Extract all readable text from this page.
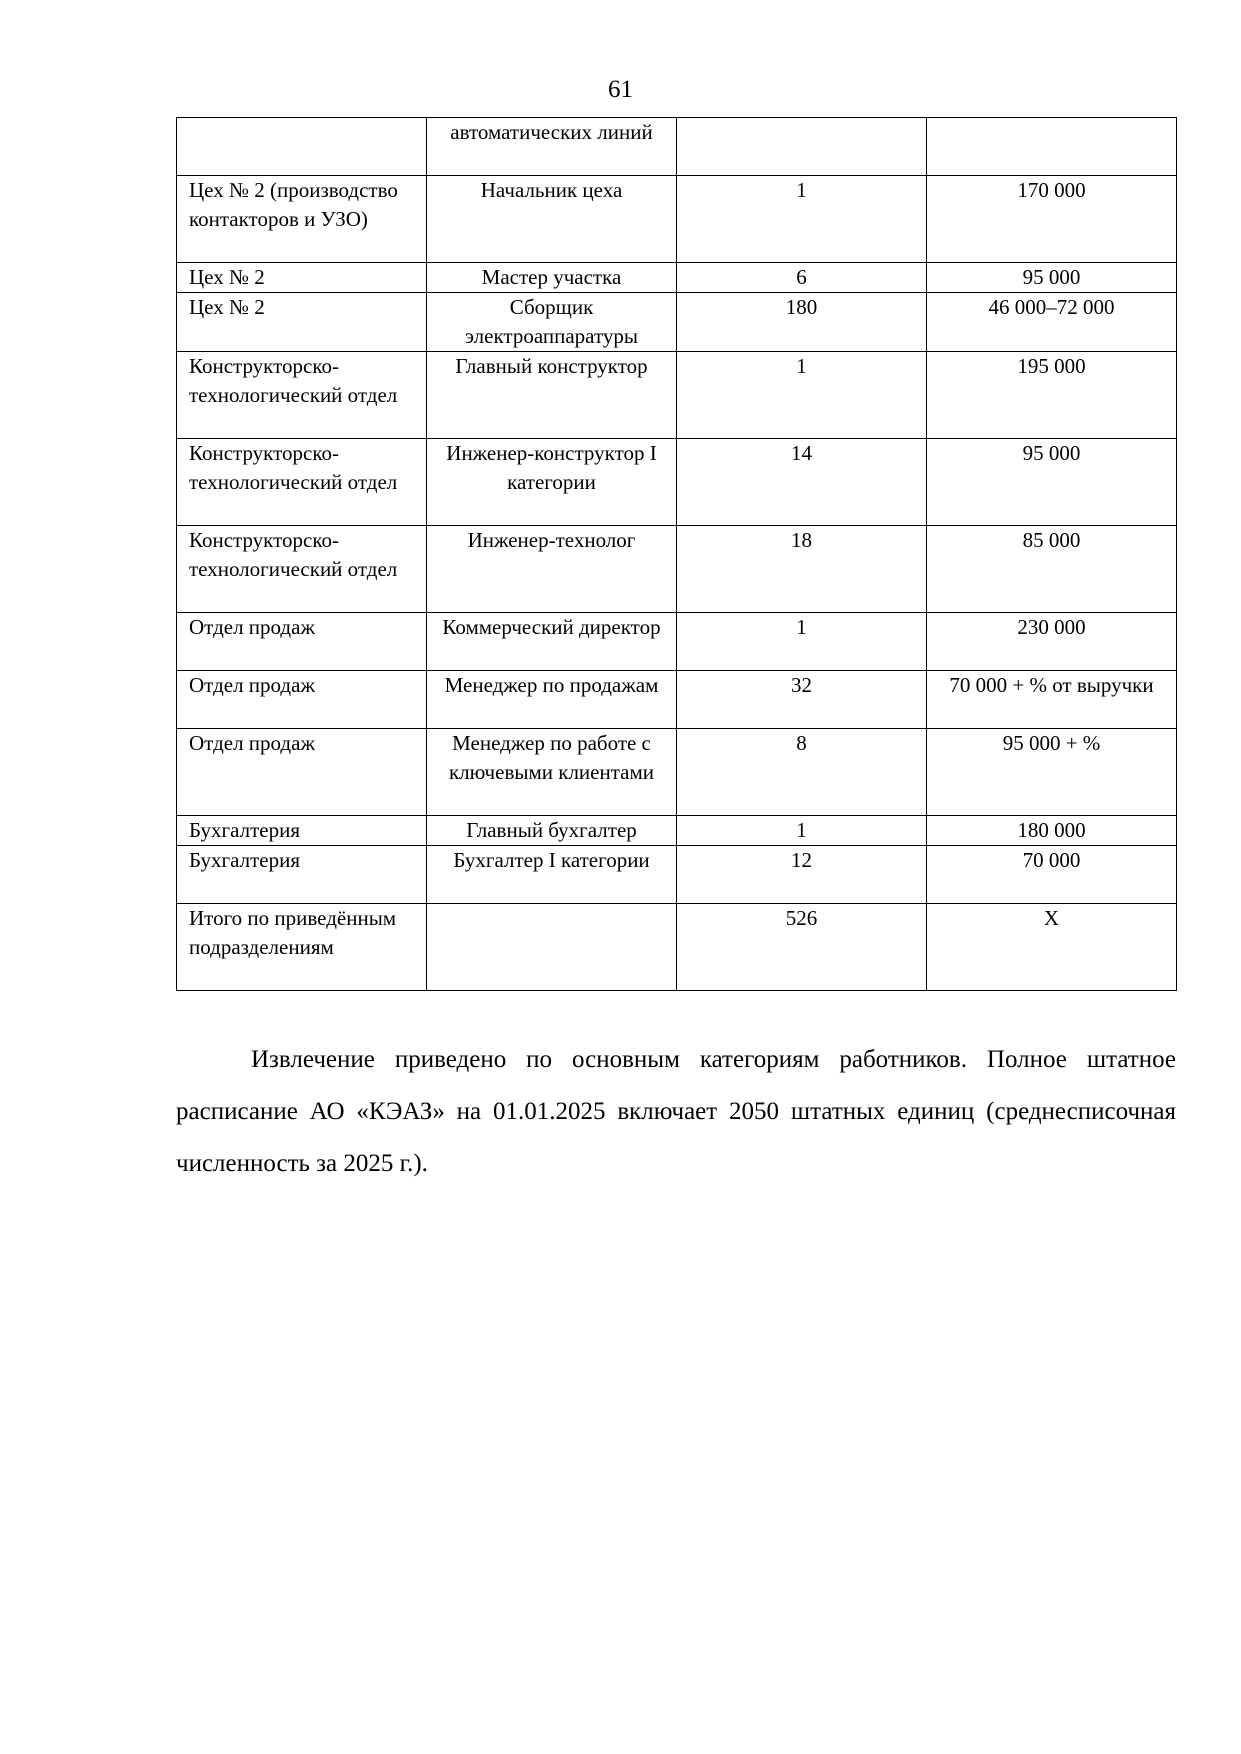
61
	автоматических линий		
Цех № 2 (производство контакторов и УЗО)	Начальник цеха	1	170 000
Цех № 2	Мастер участка	6	95 000
Цех № 2	Сборщик электроаппаратуры	180	46 000–72 000
Конструкторско-технологический отдел	Главный конструктор	1	195 000
Конструкторско-технологический отдел	Инженер-конструктор I категории	14	95 000
Конструкторско-технологический отдел	Инженер-технолог	18	85 000
Отдел продаж	Коммерческий директор	1	230 000
Отдел продаж	Менеджер по продажам	32	70 000 + % от выручки
Отдел продаж	Менеджер по работе с ключевыми клиентами	8	95 000 + %
Бухгалтерия	Главный бухгалтер	1	180 000
Бухгалтерия	Бухгалтер I категории	12	70 000
Итого по приведённым подразделениям		526	Х

Извлечение приведено по основным категориям работников. Полное штатное расписание АО «КЭАЗ» на 01.01.2025 включает 2050 штатных единиц (среднесписочная численность за 2025 г.).
